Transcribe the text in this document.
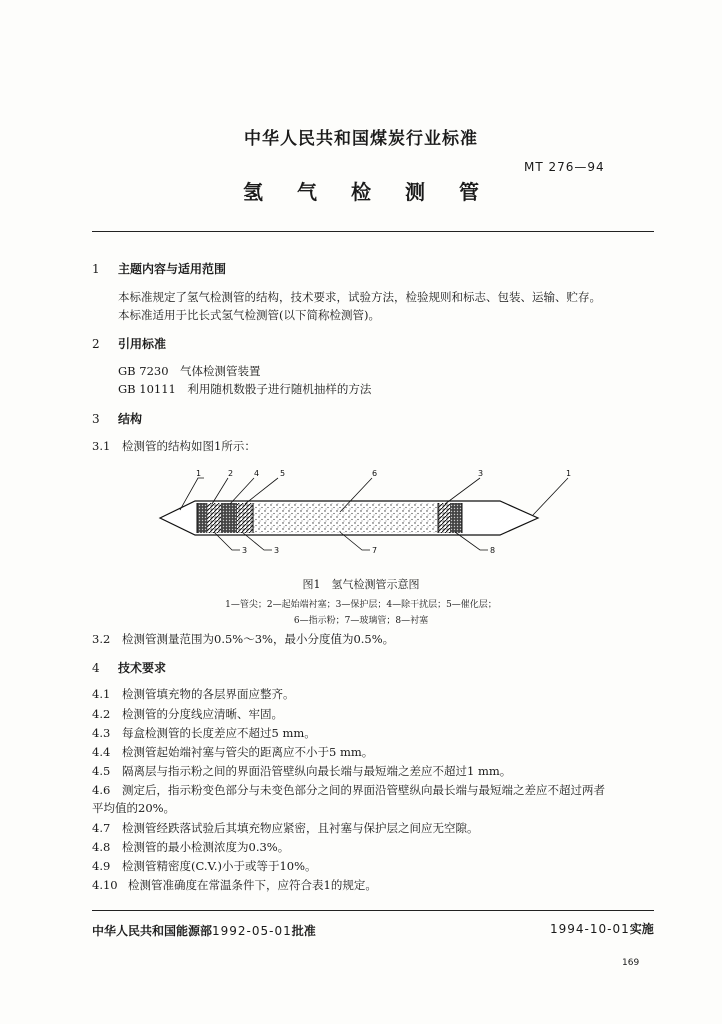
中华人民共和国煤炭行业标准
MT 276—94
氢气检测管
1 主题内容与适用范围
本标准规定了氢气检测管的结构，技术要求，试验方法，检验规则和标志、包装、运输、贮存。
本标准适用于比长式氢气检测管(以下简称检测管)。
2 引用标准
GB 7230　气体检测管装置
GB 10111　利用随机数骰子进行随机抽样的方法
3 结构
3.1 检测管的结构如图1所示：
1	2	4	5	6	3	1
3	3	7	8
图1　氢气检测管示意图
1—管尖；2—起始端衬塞；3—保护层；4—除干扰层；5—催化层；
6—指示粉；7—玻璃管；8—衬塞
3.2 检测管测量范围为0.5%～3%，最小分度值为0.5%。
4 技术要求
4.1 检测管填充物的各层界面应整齐。
4.2 检测管的分度线应清晰、牢固。
4.3 每盒检测管的长度差应不超过5 mm。
4.4 检测管起始端衬塞与管尖的距离应不小于5 mm。
4.5 隔离层与指示粉之间的界面沿管壁纵向最长端与最短端之差应不超过1 mm。
4.6 测定后，指示粉变色部分与未变色部分之间的界面沿管壁纵向最长端与最短端之差应不超过两者
平均值的20%。
4.7 检测管经跌落试验后其填充物应紧密，且衬塞与保护层之间应无空隙。
4.8 检测管的最小检测浓度为0.3%。
4.9 检测管精密度(C.V.)小于或等于10%。
4.10 检测管准确度在常温条件下，应符合表1的规定。
中华人民共和国能源部1992-05-01批准	1994-10-01实施
169
